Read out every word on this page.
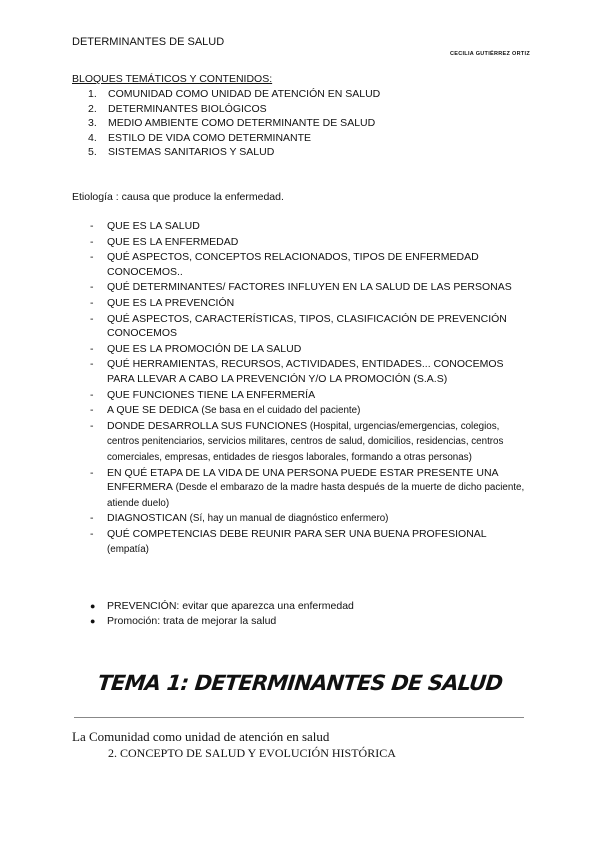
DETERMINANTES DE SALUD
CECILIA GUTIÉRREZ ORTIZ
BLOQUES TEMÁTICOS Y CONTENIDOS:
1. COMUNIDAD COMO UNIDAD DE ATENCIÓN EN SALUD
2. DETERMINANTES BIOLÓGICOS
3. MEDIO AMBIENTE COMO DETERMINANTE DE SALUD
4. ESTILO DE VIDA COMO DETERMINANTE
5. SISTEMAS SANITARIOS Y SALUD
Etiología : causa que produce la enfermedad.
- QUE ES LA SALUD
- QUE ES LA ENFERMEDAD
- QUÉ ASPECTOS, CONCEPTOS RELACIONADOS, TIPOS DE ENFERMEDAD CONOCEMOS..
- QUÉ DETERMINANTES/ FACTORES INFLUYEN EN LA SALUD DE LAS PERSONAS
- QUE ES LA PREVENCIÓN
- QUÉ ASPECTOS, CARACTERÍSTICAS, TIPOS, CLASIFICACIÓN DE PREVENCIÓN CONOCEMOS
- QUE ES LA PROMOCIÓN DE LA SALUD
- QUÉ HERRAMIENTAS, RECURSOS, ACTIVIDADES, ENTIDADES... CONOCEMOS PARA LLEVAR A CABO LA PREVENCIÓN Y/O LA PROMOCIÓN (S.A.S)
- QUE FUNCIONES TIENE LA ENFERMERÍA
- A QUE SE DEDICA (Se basa en el cuidado del paciente)
- DONDE DESARROLLA SUS FUNCIONES (Hospital, urgencias/emergencias, colegios, centros penitenciarios, servicios militares, centros de salud, domicilios, residencias, centros comerciales, empresas, entidades de riesgos laborales, formando a otras personas)
- EN QUÉ ETAPA DE LA VIDA DE UNA PERSONA PUEDE ESTAR PRESENTE UNA ENFERMERA (Desde el embarazo de la madre hasta después de la muerte de dicho paciente, atiende duelo)
- DIAGNOSTICAN (Sí, hay un manual de diagnóstico enfermero)
- QUÉ COMPETENCIAS DEBE REUNIR PARA SER UNA BUENA PROFESIONAL (empatía)
● PREVENCIÓN: evitar que aparezca una enfermedad
● Promoción: trata de mejorar la salud
TEMA 1: DETERMINANTES DE SALUD
La Comunidad como unidad de atención en salud
2. CONCEPTO DE SALUD Y EVOLUCIÓN HISTÓRICA
